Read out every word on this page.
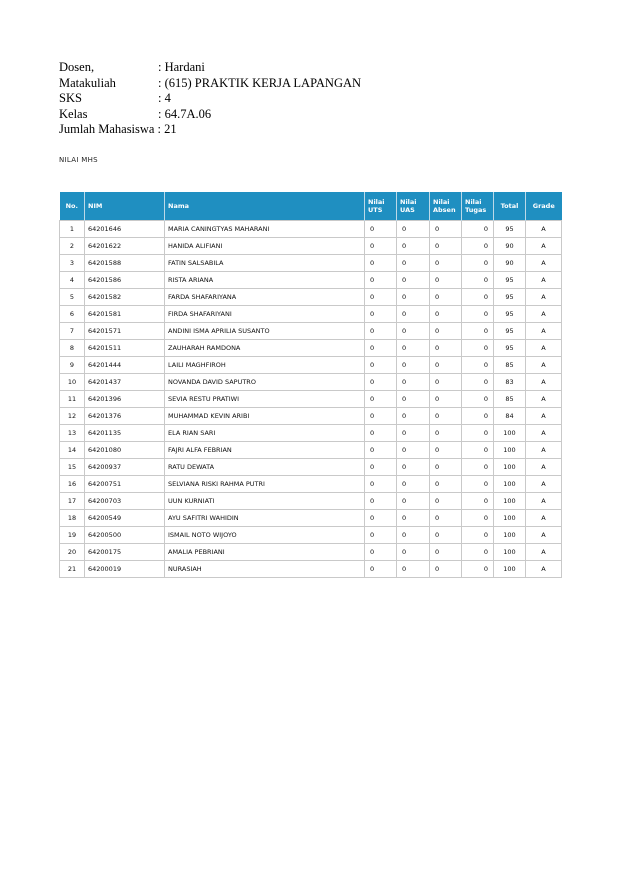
Dosen,	: Hardani
Matakuliah	: (615) PRAKTIK KERJA LAPANGAN
SKS	: 4
Kelas	: 64.7A.06
Jumlah Mahasiswa : 21
NILAI MHS
No.	NIM	Nama	Nilai UTS	Nilai UAS	Nilai Absen	Nilai Tugas	Total	Grade
1	64201646	MARIA CANINGTYAS MAHARANI	0	0	0	0	95	A
2	64201622	HANIDA ALIFIANI	0	0	0	0	90	A
3	64201588	FATIN SALSABILA	0	0	0	0	90	A
4	64201586	RISTA ARIANA	0	0	0	0	95	A
5	64201582	FARDA SHAFARIYANA	0	0	0	0	95	A
6	64201581	FIRDA SHAFARIYANI	0	0	0	0	95	A
7	64201571	ANDINI ISMA APRILIA SUSANTO	0	0	0	0	95	A
8	64201511	ZAUHARAH RAMDONA	0	0	0	0	95	A
9	64201444	LAILI MAGHFIROH	0	0	0	0	85	A
10	64201437	NOVANDA DAVID SAPUTRO	0	0	0	0	83	A
11	64201396	SEVIA RESTU PRATIWI	0	0	0	0	85	A
12	64201376	MUHAMMAD KEVIN ARIBI	0	0	0	0	84	A
13	64201135	ELA RIAN SARI	0	0	0	0	100	A
14	64201080	FAJRI ALFA FEBRIAN	0	0	0	0	100	A
15	64200937	RATU DEWATA	0	0	0	0	100	A
16	64200751	SELVIANA RISKI RAHMA PUTRI	0	0	0	0	100	A
17	64200703	UUN KURNIATI	0	0	0	0	100	A
18	64200549	AYU SAFITRI WAHIDIN	0	0	0	0	100	A
19	64200500	ISMAIL NOTO WIJOYO	0	0	0	0	100	A
20	64200175	AMALIA PEBRIANI	0	0	0	0	100	A
21	64200019	NURASIAH	0	0	0	0	100	A
